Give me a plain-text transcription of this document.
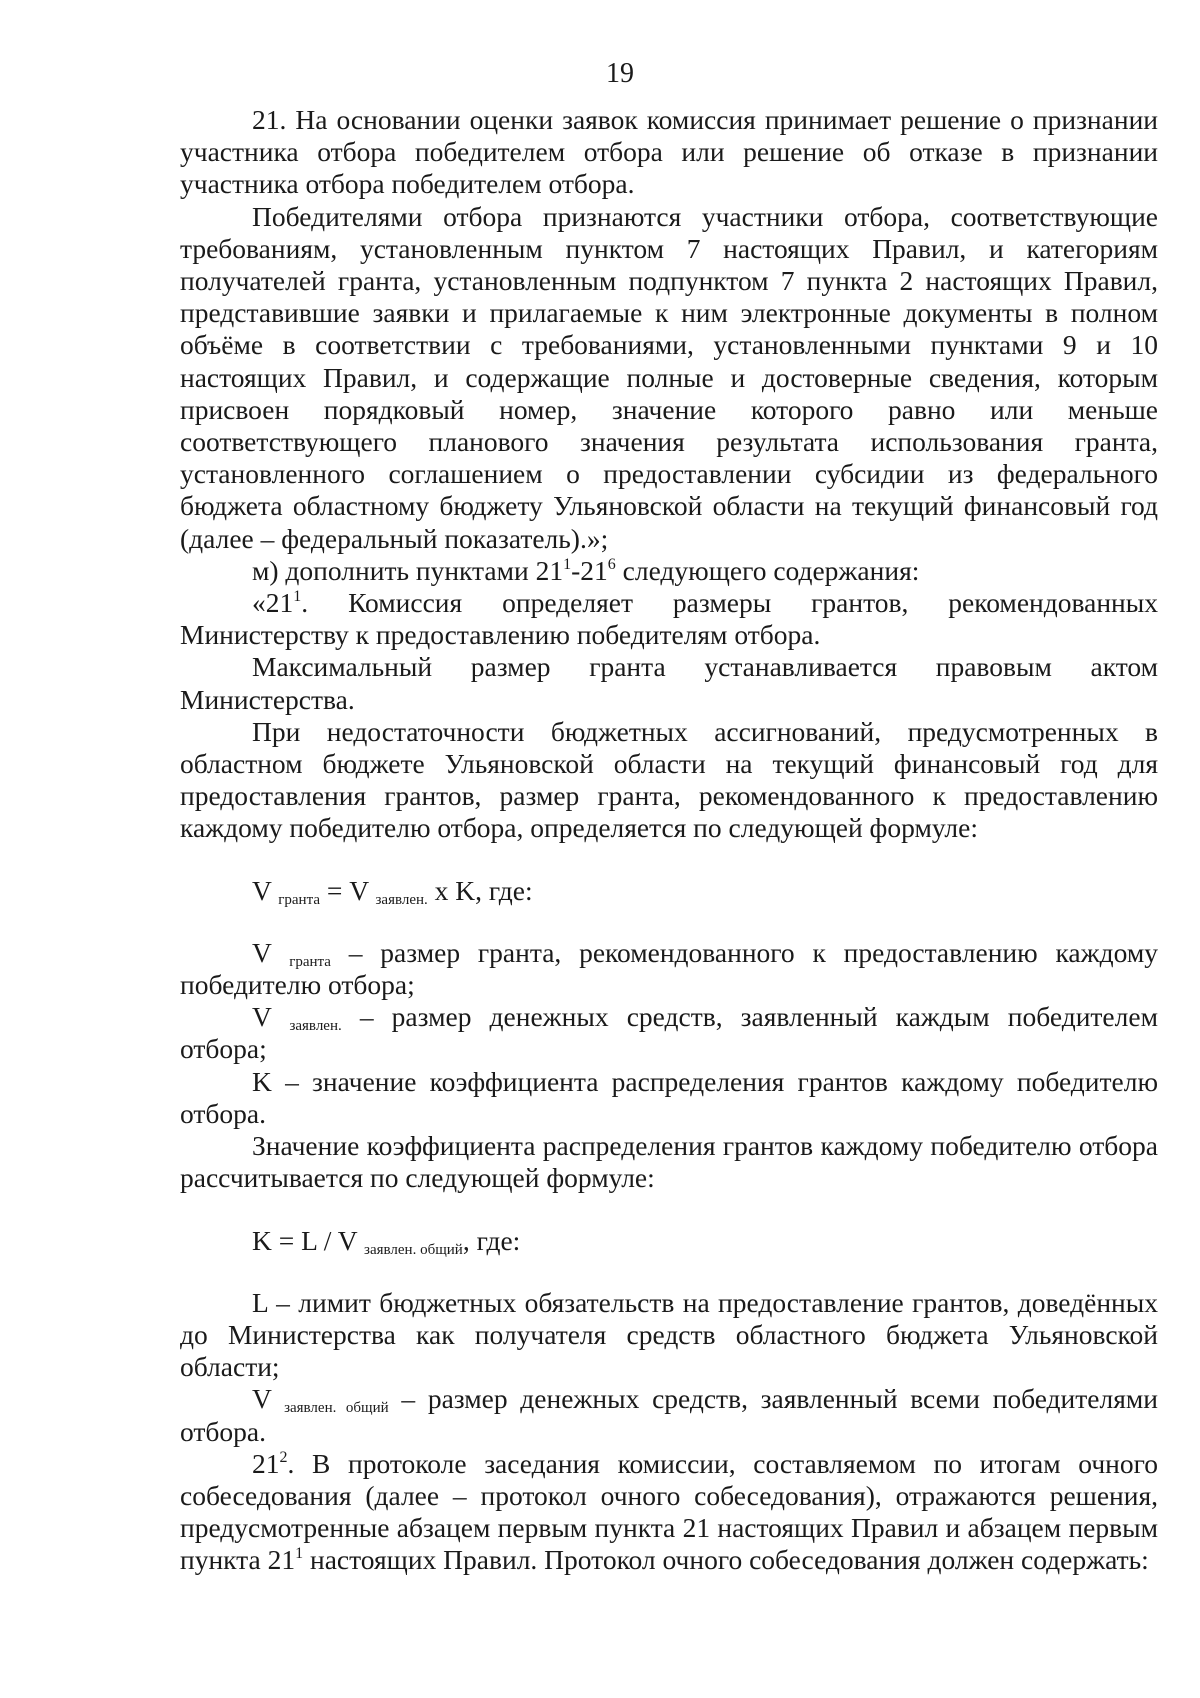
19

21. На основании оценки заявок комиссия принимает решение о признании участника отбора победителем отбора или решение об отказе в признании участника отбора победителем отбора.

Победителями отбора признаются участники отбора, соответствующие требованиям, установленным пунктом 7 настоящих Правил, и категориям получателей гранта, установленным подпунктом 7 пункта 2 настоящих Правил, представившие заявки и прилагаемые к ним электронные документы в полном объёме в соответствии с требованиями, установленными пунктами 9 и 10 настоящих Правил, и содержащие полные и достоверные сведения, которым присвоен порядковый номер, значение которого равно или меньше соответствующего планового значения результата использования гранта, установленного соглашением о предоставлении субсидии из федерального бюджета областному бюджету Ульяновской области на текущий финансовый год (далее – федеральный показатель).»;

м) дополнить пунктами $21^1-21^6$ следующего содержания:

«$21^1$. Комиссия определяет размеры грантов, рекомендованных Министерству к предоставлению победителям отбора.

Максимальный размер гранта устанавливается правовым актом Министерства.

При недостаточности бюджетных ассигнований, предусмотренных в областном бюджете Ульяновской области на текущий финансовый год для предоставления грантов, размер гранта, рекомендованного к предоставлению каждому победителю отбора, определяется по следующей формуле:

V $_{гранта}$ = V $_{заявлен.}$ х K, где:

V $_{гранта}$ – размер гранта, рекомендованного к предоставлению каждому победителю отбора;

V $_{заявлен.}$ – размер денежных средств, заявленный каждым победителем отбора;

K – значение коэффициента распределения грантов каждому победителю отбора.

Значение коэффициента распределения грантов каждому победителю отбора рассчитывается по следующей формуле:

K = L / V $_{заявлен. общий}$, где:

L – лимит бюджетных обязательств на предоставление грантов, доведённых до Министерства как получателя средств областного бюджета Ульяновской области;

V $_{заявлен. общий}$ – размер денежных средств, заявленный всеми победителями отбора.

$21^2$. В протоколе заседания комиссии, составляемом по итогам очного собеседования (далее – протокол очного собеседования), отражаются решения, предусмотренные абзацем первым пункта 21 настоящих Правил и абзацем первым пункта $21^1$ настоящих Правил. Протокол очного собеседования должен содержать:
